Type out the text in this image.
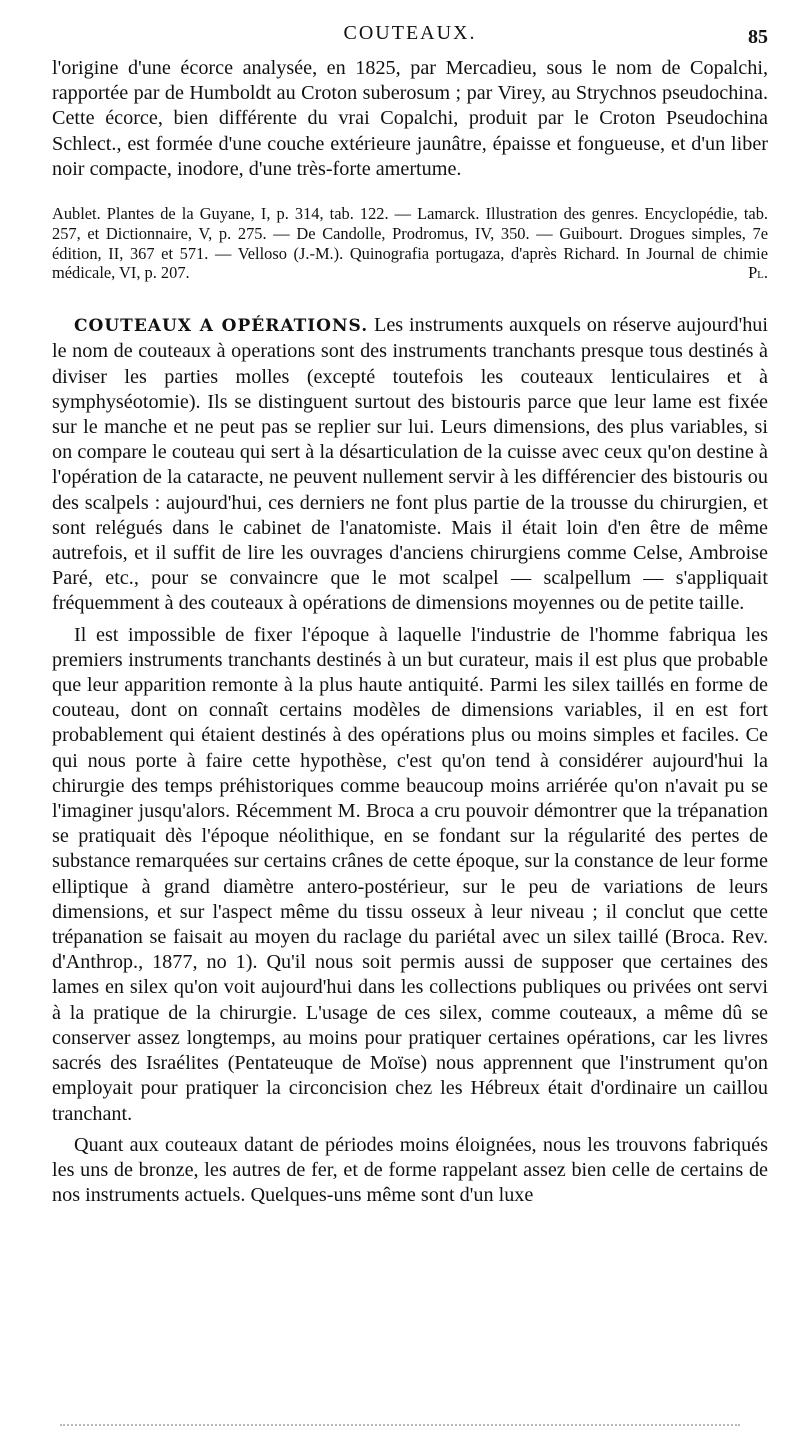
COUTEAUX.	85

l'origine d'une écorce analysée, en 1825, par Mercadieu, sous le nom de Copalchi, rapportée par de Humboldt au Croton suberosum ; par Virey, au Strychnos pseudochina. Cette écorce, bien différente du vrai Copalchi, produit par le Croton Pseudochina Schlect., est formée d'une couche extérieure jaunâtre, épaisse et fongueuse, et d'un liber noir compacte, inodore, d'une très-forte amertume.

Aublet. Plantes de la Guyane, I, p. 314, tab. 122. — Lamarck. Illustration des genres. Encyclopédie, tab. 257, et Dictionnaire, V, p. 275. — De Candolle, Prodromus, IV, 350. — Guibourt. Drogues simples, 7e édition, II, 367 et 571. — Velloso (J.-M.). Quinografia portugaza, d'après Richard. In Journal de chimie médicale, VI, p. 207.	Pl.

COUTEAUX A OPÉRATIONS. Les instruments auxquels on réserve aujourd'hui le nom de couteaux à operations sont des instruments tranchants presque tous destinés à diviser les parties molles (excepté toutefois les couteaux lenticulaires et à symphyséotomie). Ils se distinguent surtout des bistouris parce que leur lame est fixée sur le manche et ne peut pas se replier sur lui. Leurs dimensions, des plus variables, si on compare le couteau qui sert à la désarticulation de la cuisse avec ceux qu'on destine à l'opération de la cataracte, ne peuvent nullement servir à les différencier des bistouris ou des scalpels : aujourd'hui, ces derniers ne font plus partie de la trousse du chirurgien, et sont relégués dans le cabinet de l'anatomiste. Mais il était loin d'en être de même autrefois, et il suffit de lire les ouvrages d'anciens chirurgiens comme Celse, Ambroise Paré, etc., pour se convaincre que le mot scalpel — scalpellum — s'appliquait fréquemment à des couteaux à opérations de dimensions moyennes ou de petite taille.

Il est impossible de fixer l'époque à laquelle l'industrie de l'homme fabriqua les premiers instruments tranchants destinés à un but curateur, mais il est plus que probable que leur apparition remonte à la plus haute antiquité. Parmi les silex taillés en forme de couteau, dont on connaît certains modèles de dimensions variables, il en est fort probablement qui étaient destinés à des opérations plus ou moins simples et faciles. Ce qui nous porte à faire cette hypothèse, c'est qu'on tend à considérer aujourd'hui la chirurgie des temps préhistoriques comme beaucoup moins arriérée qu'on n'avait pu se l'imaginer jusqu'alors. Récemment M. Broca a cru pouvoir démontrer que la trépanation se pratiquait dès l'époque néolithique, en se fondant sur la régularité des pertes de substance remarquées sur certains crânes de cette époque, sur la constance de leur forme elliptique à grand diamètre antero-postérieur, sur le peu de variations de leurs dimensions, et sur l'aspect même du tissu osseux à leur niveau ; il conclut que cette trépanation se faisait au moyen du raclage du pariétal avec un silex taillé (Broca. Rev. d'Anthrop., 1877, no 1). Qu'il nous soit permis aussi de supposer que certaines des lames en silex qu'on voit aujourd'hui dans les collections publiques ou privées ont servi à la pratique de la chirurgie. L'usage de ces silex, comme couteaux, a même dû se conserver assez longtemps, au moins pour pratiquer certaines opérations, car les livres sacrés des Israélites (Pentateuque de Moïse) nous apprennent que l'instrument qu'on employait pour pratiquer la circoncision chez les Hébreux était d'ordinaire un caillou tranchant.

Quant aux couteaux datant de périodes moins éloignées, nous les trouvons fabriqués les uns de bronze, les autres de fer, et de forme rappelant assez bien celle de certains de nos instruments actuels. Quelques-uns même sont d'un luxe
